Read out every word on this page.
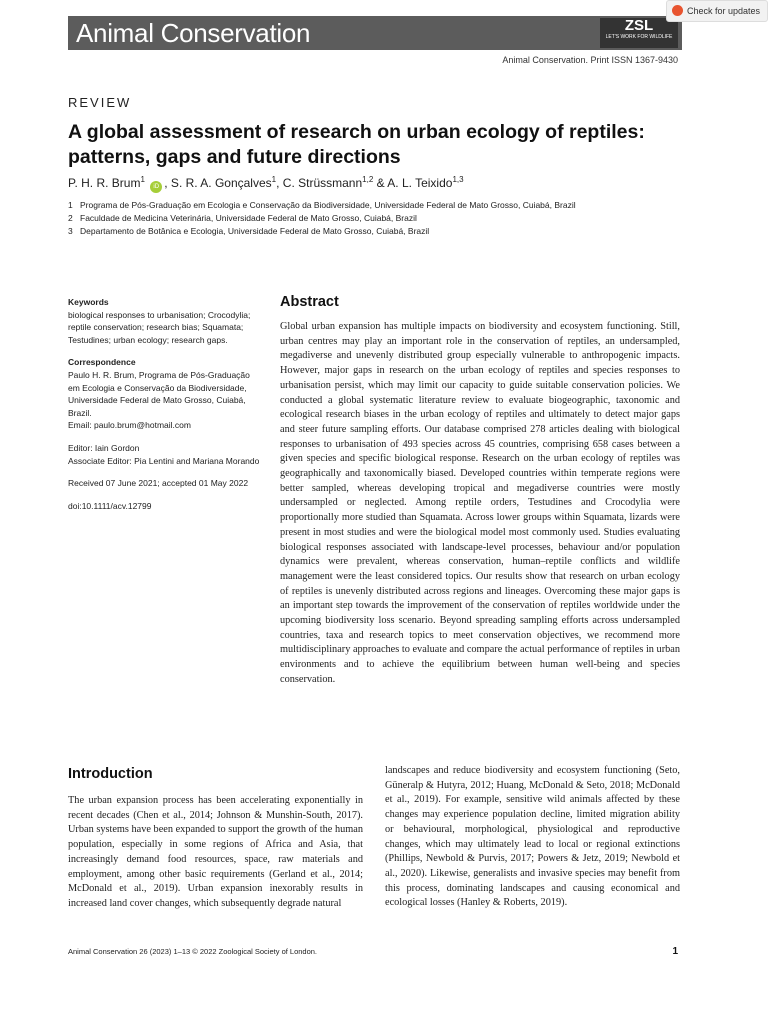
Animal Conservation	ZSL
LET'S WORK FOR WILDLIFE
Check for updates
Animal Conservation. Print ISSN 1367-9430
REVIEW
A global assessment of research on urban ecology of reptiles: patterns, gaps and future directions
P. H. R. Brum$^1$ iD , S. R. A. Gonçalves$^1$, C. Strüssmann$^{1,2}$ & A. L. Teixido$^{1,3}$
1 Programa de Pós-Graduação em Ecologia e Conservação da Biodiversidade, Universidade Federal de Mato Grosso, Cuiabá, Brazil
2 Faculdade de Medicina Veterinária, Universidade Federal de Mato Grosso, Cuiabá, Brazil
3 Departamento de Botânica e Ecologia, Universidade Federal de Mato Grosso, Cuiabá, Brazil
Keywords
biological responses to urbanisation; Crocodylia; reptile conservation; research bias; Squamata; Testudines; urban ecology; research gaps.
Correspondence
Paulo H. R. Brum, Programa de Pós-Graduação em Ecologia e Conservação da Biodiversidade, Universidade Federal de Mato Grosso, Cuiabá, Brazil.
Email: paulo.brum@hotmail.com
Editor: Iain Gordon
Associate Editor: Pia Lentini and Mariana Morando
Received 07 June 2021; accepted 01 May 2022
doi:10.1111/acv.12799
Abstract
Global urban expansion has multiple impacts on biodiversity and ecosystem functioning. Still, urban centres may play an important role in the conservation of reptiles, an undersampled, megadiverse and unevenly distributed group especially vulnerable to anthropogenic impacts. However, major gaps in research on the urban ecology of reptiles and species responses to urbanisation persist, which may limit our capacity to guide suitable conservation policies. We conducted a global systematic literature review to evaluate biogeographic, taxonomic and ecological research biases in the urban ecology of reptiles and ultimately to detect major gaps and steer future sampling efforts. Our database comprised 278 articles dealing with biological responses to urbanisation of 493 species across 45 countries, comprising 658 cases between a given species and specific biological response. Research on the urban ecology of reptiles was geographically and taxonomically biased. Developed countries within temperate regions were better sampled, whereas developing tropical and megadiverse countries were mostly undersampled or neglected. Among reptile orders, Testudines and Crocodylia were proportionally more studied than Squamata. Across lower groups within Squamata, lizards were present in most studies and were the biological model most commonly used. Studies evaluating biological responses associated with landscape-level processes, behaviour and/or population dynamics were prevalent, whereas conservation, human–reptile conflicts and wildlife management were the least considered topics. Our results show that research on urban ecology of reptiles is unevenly distributed across regions and lineages. Overcoming these major gaps is an important step towards the improvement of the conservation of reptiles worldwide under the upcoming biodiversity loss scenario. Beyond spreading sampling efforts across undersampled countries, taxa and research topics to meet conservation objectives, we recommend more multidisciplinary approaches to evaluate and compare the actual performance of reptiles in urban environments and to achieve the equilibrium between human well-being and species conservation.
Introduction
The urban expansion process has been accelerating exponentially in recent decades (Chen et al., 2014; Johnson & Munshin-South, 2017). Urban systems have been expanded to support the growth of the human population, especially in some regions of Africa and Asia, that increasingly demand food resources, space, raw materials and employment, among other basic requirements (Gerland et al., 2014; McDonald et al., 2019). Urban expansion inexorably results in increased land cover changes, which subsequently degrade natural
landscapes and reduce biodiversity and ecosystem functioning (Seto, Güneralp & Hutyra, 2012; Huang, McDonald & Seto, 2018; McDonald et al., 2019). For example, sensitive wild animals affected by these changes may experience population decline, limited migration ability or behavioural, morphological, physiological and reproductive changes, which may ultimately lead to local or regional extinctions (Phillips, Newbold & Purvis, 2017; Powers & Jetz, 2019; Newbold et al., 2020). Likewise, generalists and invasive species may benefit from this process, dominating landscapes and causing economical and ecological losses (Hanley & Roberts, 2019).
Animal Conservation 26 (2023) 1–13 © 2022 Zoological Society of London.	1
